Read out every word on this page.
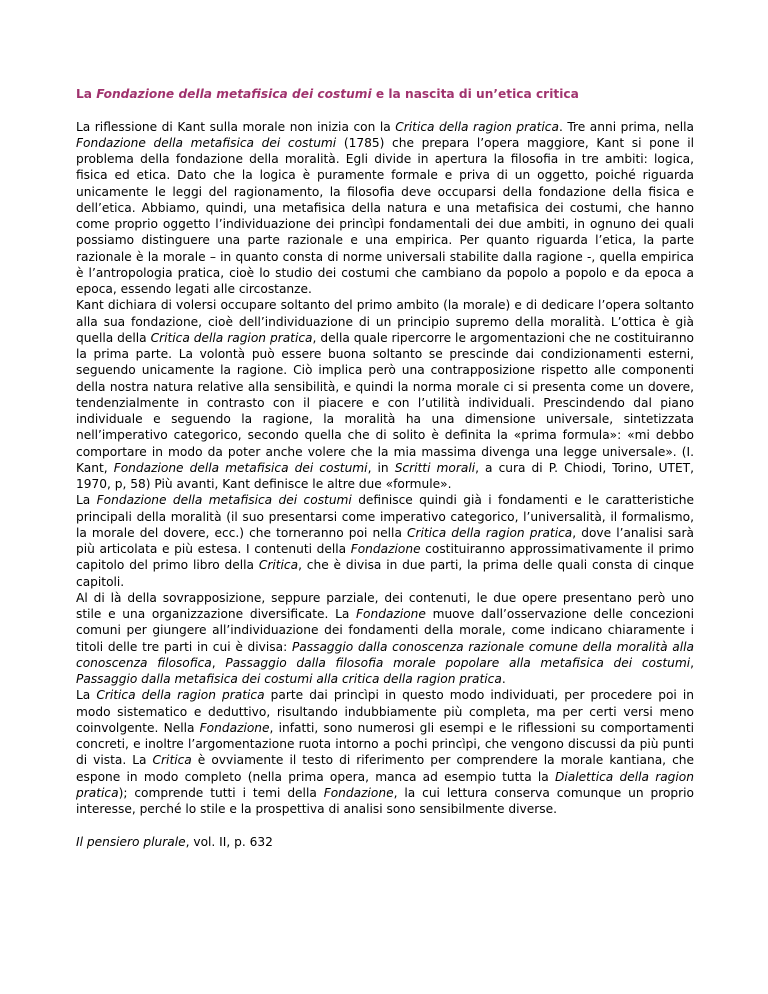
La Fondazione della metafisica dei costumi e la nascita di un’etica critica

La riflessione di Kant sulla morale non inizia con la Critica della ragion pratica. Tre anni prima, nella Fondazione della metafisica dei costumi (1785) che prepara l’opera maggiore, Kant si pone il problema della fondazione della moralità. Egli divide in apertura la filosofia in tre ambiti: logica, fisica ed etica. Dato che la logica è puramente formale e priva di un oggetto, poiché riguarda unicamente le leggi del ragionamento, la filosofia deve occuparsi della fondazione della fisica e dell’etica. Abbiamo, quindi, una metafisica della natura e una metafisica dei costumi, che hanno come proprio oggetto l’individuazione dei princìpi fondamentali dei due ambiti, in ognuno dei quali possiamo distinguere una parte razionale e una empirica. Per quanto riguarda l’etica, la parte razionale è la morale – in quanto consta di norme universali stabilite dalla ragione -, quella empirica è l’antropologia pratica, cioè lo studio dei costumi che cambiano da popolo a popolo e da epoca a epoca, essendo legati alle circostanze.

Kant dichiara di volersi occupare soltanto del primo ambito (la morale) e di dedicare l’opera soltanto alla sua fondazione, cioè dell’individuazione di un principio supremo della moralità. L’ottica è già quella della Critica della ragion pratica, della quale ripercorre le argomentazioni che ne costituiranno la prima parte. La volontà può essere buona soltanto se prescinde dai condizionamenti esterni, seguendo unicamente la ragione. Ciò implica però una contrapposizione rispetto alle componenti della nostra natura relative alla sensibilità, e quindi la norma morale ci si presenta come un dovere, tendenzialmente in contrasto con il piacere e con l’utilità individuali. Prescindendo dal piano individuale e seguendo la ragione, la moralità ha una dimensione universale, sintetizzata nell’imperativo categorico, secondo quella che di solito è definita la «prima formula»: «mi debbo comportare in modo da poter anche volere che la mia massima divenga una legge universale». (I. Kant, Fondazione della metafisica dei costumi, in Scritti morali, a cura di P. Chiodi, Torino, UTET, 1970, p, 58) Più avanti, Kant definisce le altre due «formule».

La Fondazione della metafisica dei costumi definisce quindi già i fondamenti e le caratteristiche principali della moralità (il suo presentarsi come imperativo categorico, l’universalità, il formalismo, la morale del dovere, ecc.) che torneranno poi nella Critica della ragion pratica, dove l’analisi sarà più articolata e più estesa. I contenuti della Fondazione costituiranno approssimativamente il primo capitolo del primo libro della Critica, che è divisa in due parti, la prima delle quali consta di cinque capitoli.

Al di là della sovrapposizione, seppure parziale, dei contenuti, le due opere presentano però uno stile e una organizzazione diversificate. La Fondazione muove dall’osservazione delle concezioni comuni per giungere all’individuazione dei fondamenti della morale, come indicano chiaramente i titoli delle tre parti in cui è divisa: Passaggio dalla conoscenza razionale comune della moralità alla conoscenza filosofica, Passaggio dalla filosofia morale popolare alla metafisica dei costumi, Passaggio dalla metafisica dei costumi alla critica della ragion pratica.

La Critica della ragion pratica parte dai princìpi in questo modo individuati, per procedere poi in modo sistematico e deduttivo, risultando indubbiamente più completa, ma per certi versi meno coinvolgente. Nella Fondazione, infatti, sono numerosi gli esempi e le riflessioni su comportamenti concreti, e inoltre l’argomentazione ruota intorno a pochi princìpi, che vengono discussi da più punti di vista. La Critica è ovviamente il testo di riferimento per comprendere la morale kantiana, che espone in modo completo (nella prima opera, manca ad esempio tutta la Dialettica della ragion pratica); comprende tutti i temi della Fondazione, la cui lettura conserva comunque un proprio interesse, perché lo stile e la prospettiva di analisi sono sensibilmente diverse.

Il pensiero plurale, vol. II, p. 632
